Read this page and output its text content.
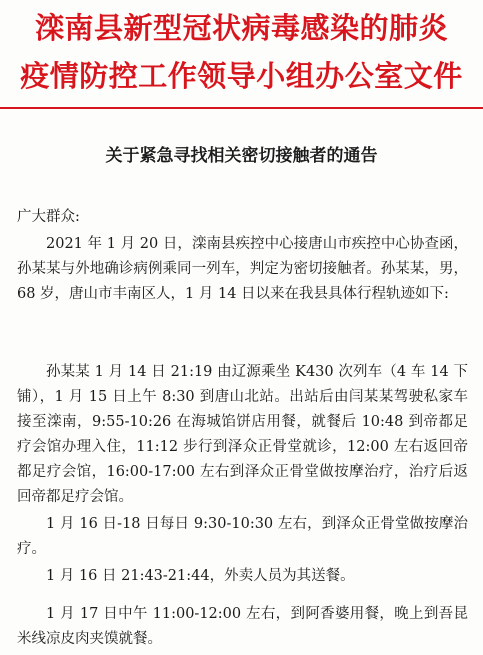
滦南县新型冠状病毒感染的肺炎
疫情防控工作领导小组办公室文件
关于紧急寻找相关密切接触者的通告
广大群众:
2021 年 1 月 20 日，滦南县疾控中心接唐山市疾控中心协查函，孙某某与外地确诊病例乘同一列车，判定为密切接触者。孙某某，男，68 岁，唐山市丰南区人，1 月 14 日以来在我县具体行程轨迹如下:
孙某某 1 月 14 日 21:19 由辽源乘坐 K430 次列车（4 车 14 下铺），1 月 15 日上午 8:30 到唐山北站。出站后由闫某某驾驶私家车接至滦南，9:55-10:26 在海城馅饼店用餐，就餐后 10:48 到帝都足疗会馆办理入住，11:12 步行到泽众正骨堂就诊，12:00 左右返回帝都足疗会馆，16:00-17:00 左右到泽众正骨堂做按摩治疗，治疗后返回帝都足疗会馆。
1 月 16 日-18 日每日 9:30-10:30 左右，到泽众正骨堂做按摩治疗。
1 月 16 日 21:43-21:44，外卖人员为其送餐。
1 月 17 日中午 11:00-12:00 左右，到阿香婆用餐，晚上到吾昆米线凉皮肉夹馍就餐。
